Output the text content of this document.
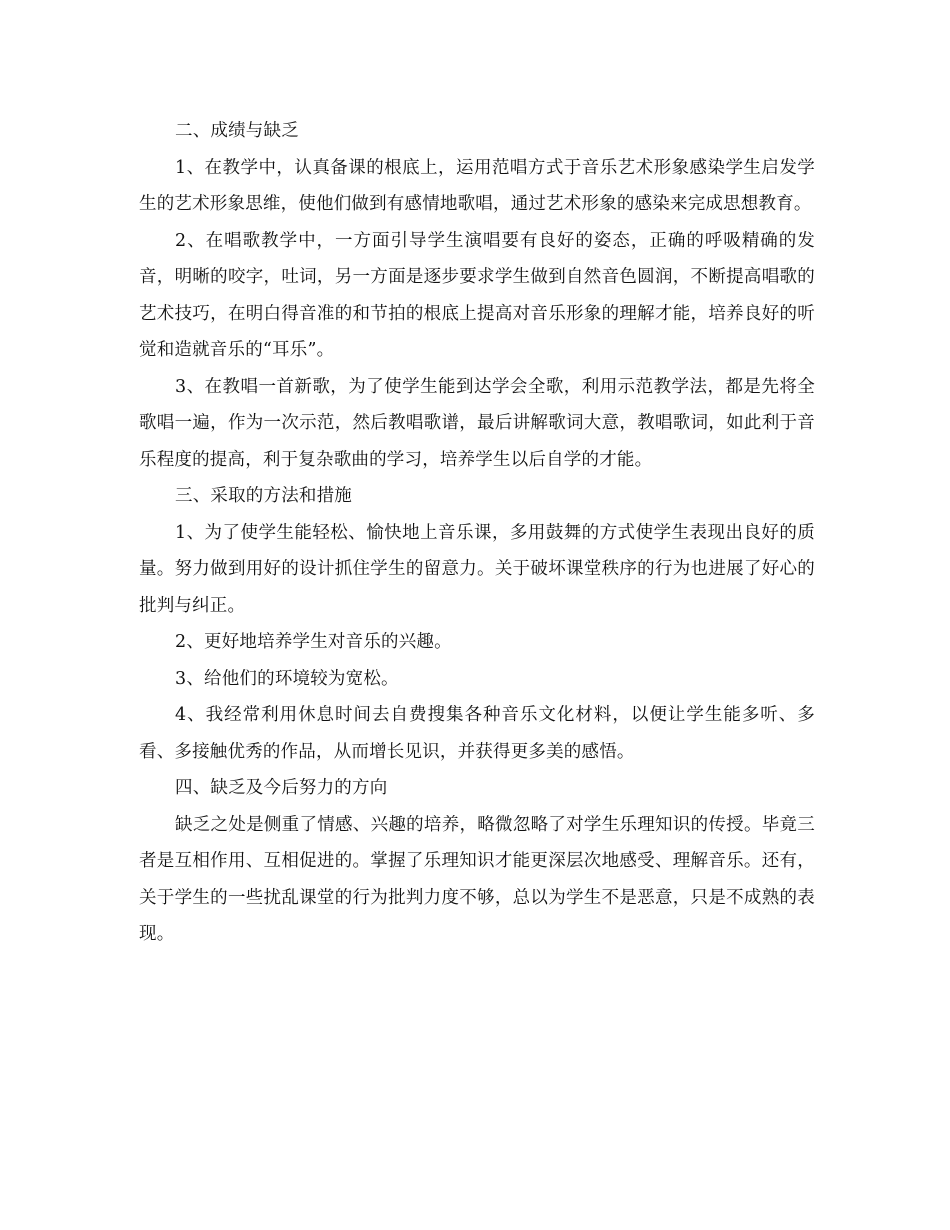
二、成绩与缺乏

1、在教学中，认真备课的根底上，运用范唱方式于音乐艺术形象感染学生启发学生的艺术形象思维，使他们做到有感情地歌唱，通过艺术形象的感染来完成思想教育。

2、在唱歌教学中，一方面引导学生演唱要有良好的姿态，正确的呼吸精确的发音，明晰的咬字，吐词，另一方面是逐步要求学生做到自然音色圆润，不断提高唱歌的艺术技巧，在明白得音准的和节拍的根底上提高对音乐形象的理解才能，培养良好的听觉和造就音乐的“耳乐”。

3、在教唱一首新歌，为了使学生能到达学会全歌，利用示范教学法，都是先将全歌唱一遍，作为一次示范，然后教唱歌谱，最后讲解歌词大意，教唱歌词，如此利于音乐程度的提高，利于复杂歌曲的学习，培养学生以后自学的才能。

三、采取的方法和措施

1、为了使学生能轻松、愉快地上音乐课，多用鼓舞的方式使学生表现出良好的质量。努力做到用好的设计抓住学生的留意力。关于破坏课堂秩序的行为也进展了好心的批判与纠正。

2、更好地培养学生对音乐的兴趣。

3、给他们的环境较为宽松。

4、我经常利用休息时间去自费搜集各种音乐文化材料，以便让学生能多听、多看、多接触优秀的作品，从而增长见识，并获得更多美的感悟。

四、缺乏及今后努力的方向

缺乏之处是侧重了情感、兴趣的培养，略微忽略了对学生乐理知识的传授。毕竟三者是互相作用、互相促进的。掌握了乐理知识才能更深层次地感受、理解音乐。还有，关于学生的一些扰乱课堂的行为批判力度不够，总以为学生不是恶意，只是不成熟的表现。
